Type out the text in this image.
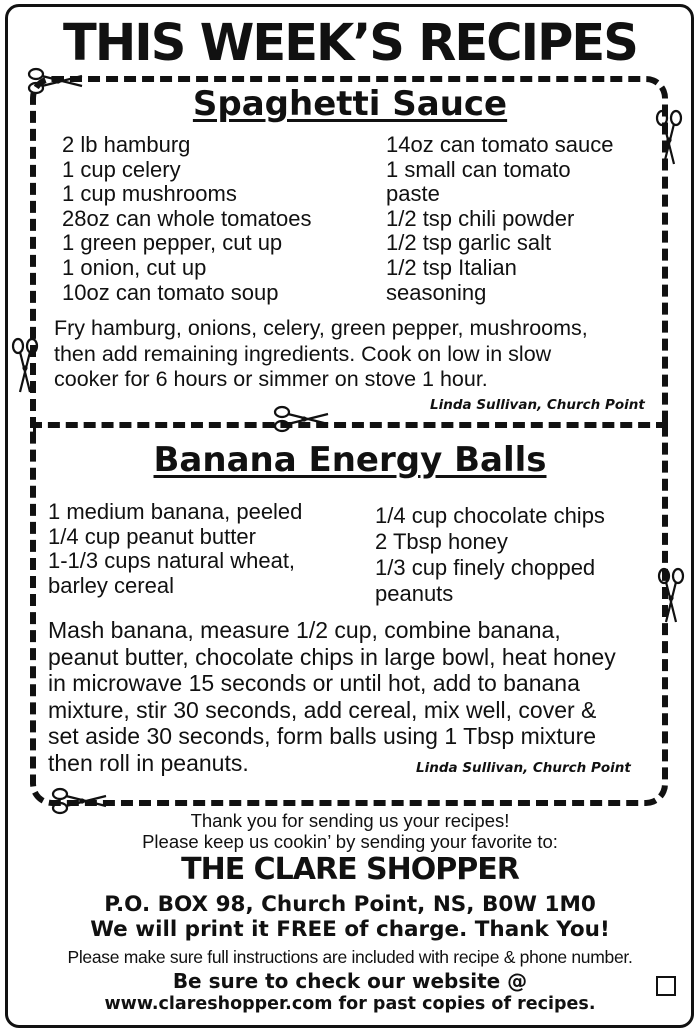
THIS WEEK’S RECIPES
Spaghetti Sauce
2 lb hamburg
1 cup celery
1 cup mushrooms
28oz can whole tomatoes
1 green pepper, cut up
1 onion, cut up
10oz can tomato soup
14oz can tomato sauce
1 small can tomato
paste
1/2 tsp chili powder
1/2 tsp garlic salt
1/2 tsp Italian
seasoning
Fry hamburg, onions, celery, green pepper, mushrooms,
then add remaining ingredients. Cook on low in slow
cooker for 6 hours or simmer on stove 1 hour.
Linda Sullivan, Church Point
Banana Energy Balls
1 medium banana, peeled
1/4 cup peanut butter
1-1/3 cups natural wheat,
barley cereal
1/4 cup chocolate chips
2 Tbsp honey
1/3 cup finely chopped
peanuts
Mash banana, measure 1/2 cup, combine banana,
peanut butter, chocolate chips in large bowl, heat honey
in microwave 15 seconds or until hot, add to banana
mixture, stir 30 seconds, add cereal, mix well, cover &
set aside 30 seconds, form balls using 1 Tbsp mixture
then roll in peanuts.	Linda Sullivan, Church Point
Thank you for sending us your recipes!
Please keep us cookin’ by sending your favorite to:
THE CLARE SHOPPER
P.O. BOX 98, Church Point, NS, B0W 1M0
We will print it FREE of charge. Thank You!
Please make sure full instructions are included with recipe & phone number.
Be sure to check our website @
www.clareshopper.com for past copies of recipes.
